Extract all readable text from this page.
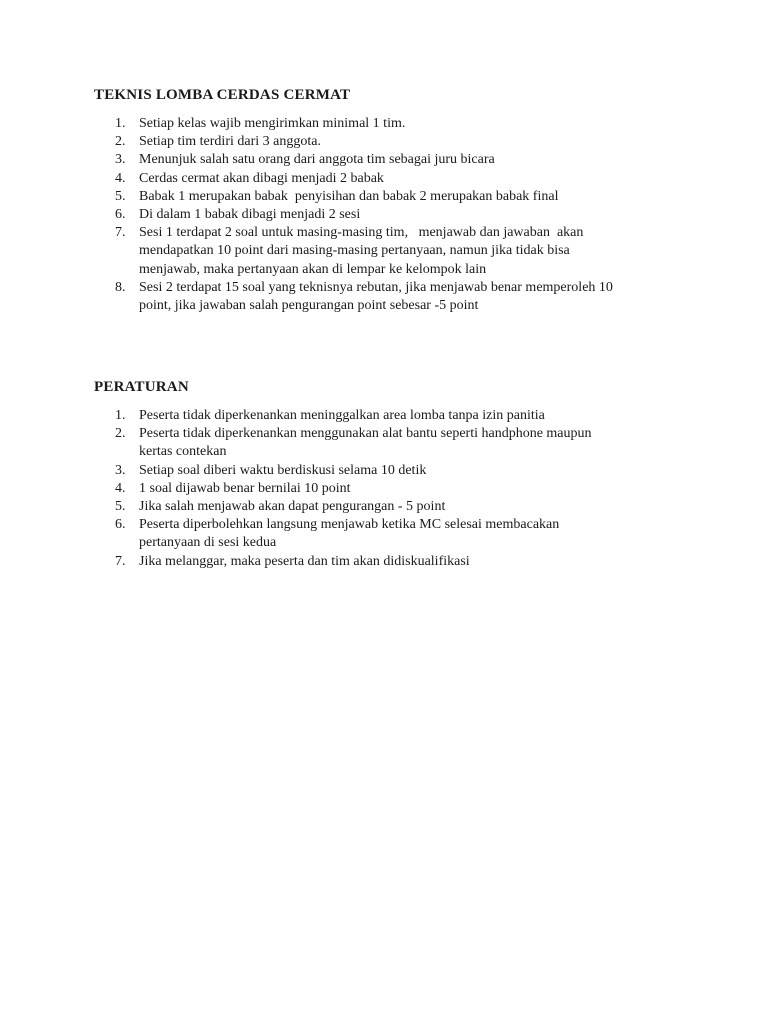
TEKNIS LOMBA CERDAS CERMAT
1. Setiap kelas wajib mengirimkan minimal 1 tim.
2. Setiap tim terdiri dari 3 anggota.
3. Menunjuk salah satu orang dari anggota tim sebagai juru bicara
4. Cerdas cermat akan dibagi menjadi 2 babak
5. Babak 1 merupakan babak  penyisihan dan babak 2 merupakan babak final
6. Di dalam 1 babak dibagi menjadi 2 sesi
7. Sesi 1 terdapat 2 soal untuk masing-masing tim,   menjawab dan jawaban  akan
mendapatkan 10 point dari masing-masing pertanyaan, namun jika tidak bisa
menjawab, maka pertanyaan akan di lempar ke kelompok lain
8. Sesi 2 terdapat 15 soal yang teknisnya rebutan, jika menjawab benar memperoleh 10
point, jika jawaban salah pengurangan point sebesar -5 point
PERATURAN
1. Peserta tidak diperkenankan meninggalkan area lomba tanpa izin panitia
2. Peserta tidak diperkenankan menggunakan alat bantu seperti handphone maupun
kertas contekan
3. Setiap soal diberi waktu berdiskusi selama 10 detik
4. 1 soal dijawab benar bernilai 10 point
5. Jika salah menjawab akan dapat pengurangan - 5 point
6. Peserta diperbolehkan langsung menjawab ketika MC selesai membacakan
pertanyaan di sesi kedua
7. Jika melanggar, maka peserta dan tim akan didiskualifikasi
